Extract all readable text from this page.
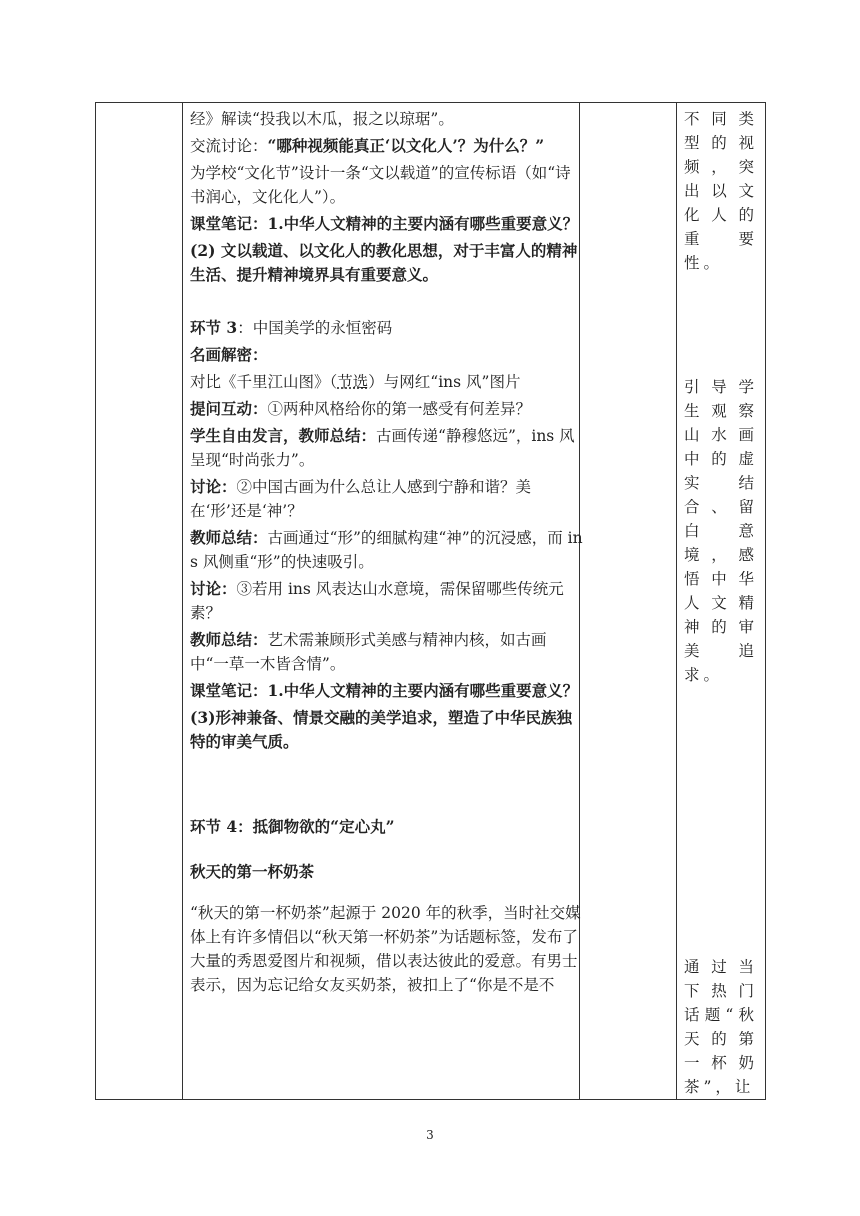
经》解读“投我以木瓜，报之以琼琚”。

交流讨论：“哪种视频能真正‘以文化人’？为什么？”

为学校“文化节”设计一条“文以载道”的宣传标语（如“诗书润心，文化化人”）。

课堂笔记：1.中华人文精神的主要内涵有哪些重要意义？

(2) 文以载道、以文化人的教化思想，对于丰富人的精神生活、提升精神境界具有重要意义。

环节 3：中国美学的永恒密码

名画解密：

对比《千里江山图》（节选）与网红“ins 风”图片

提问互动：①两种风格给你的第一感受有何差异？

学生自由发言，教师总结：古画传递“静穆悠远”，ins 风呈现“时尚张力”。

讨论：②中国古画为什么总让人感到宁静和谐？美在‘形’还是‘神’？

教师总结：古画通过“形”的细腻构建“神”的沉浸感，而 ins 风侧重“形”的快速吸引。

讨论：③若用 ins 风表达山水意境，需保留哪些传统元素？

教师总结：艺术需兼顾形式美感与精神内核，如古画中“一草一木皆含情”。

课堂笔记：1.中华人文精神的主要内涵有哪些重要意义？

(3)形神兼备、情景交融的美学追求，塑造了中华民族独特的审美气质。

环节 4：抵御物欲的“定心丸”

秋天的第一杯奶茶

“秋天的第一杯奶茶”起源于 2020 年的秋季，当时社交媒体上有许多情侣以“秋天第一杯奶茶”为话题标签，发布了大量的秀恩爱图片和视频，借以表达彼此的爱意。有男士表示，因为忘记给女友买奶茶，被扣上了“你是不是不

不同类型的视频，突出以文化人的重要性。

引导学生观察山水画中的虚实结合、留白意境，感悟中华人文精神的审美追求。

通过当下热门话题“秋天的第一杯奶茶”，让

3
